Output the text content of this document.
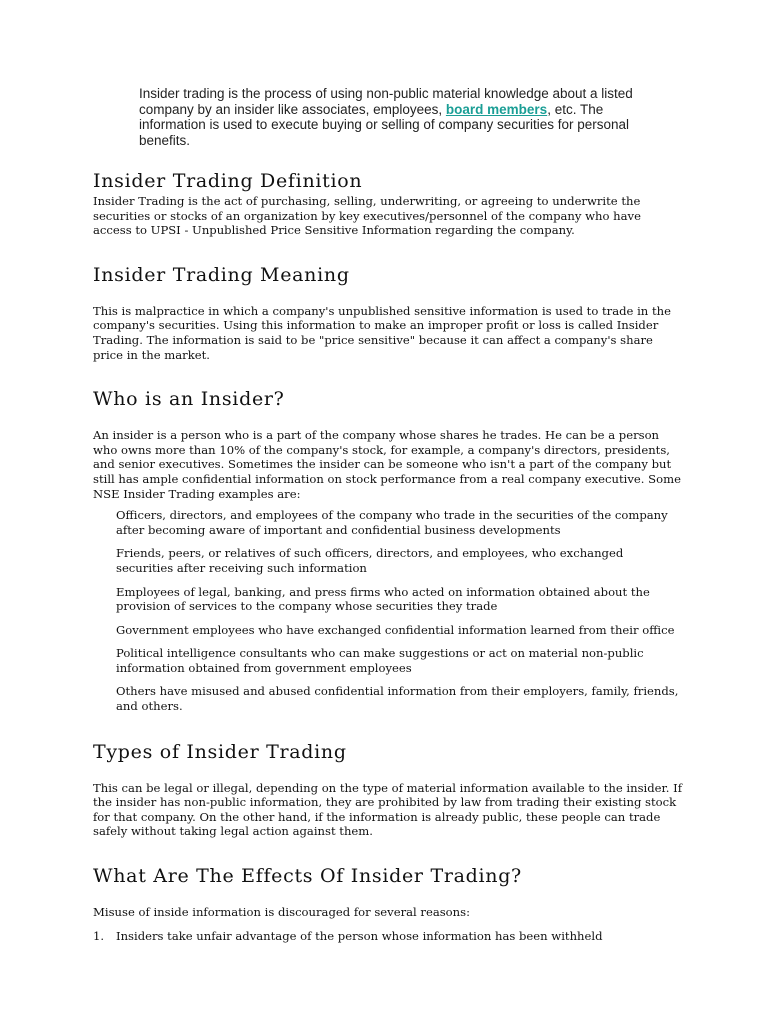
Insider trading is the process of using non-public material knowledge about a listed company by an insider like associates, employees, board members, etc. The information is used to execute buying or selling of company securities for personal benefits.
Insider Trading Definition

Insider Trading is the act of purchasing, selling, underwriting, or agreeing to underwrite the securities or stocks of an organization by key executives/personnel of the company who have access to UPSI - Unpublished Price Sensitive Information regarding the company.

Insider Trading Meaning

This is malpractice in which a company's unpublished sensitive information is used to trade in the company's securities. Using this information to make an improper profit or loss is called Insider Trading. The information is said to be "price sensitive" because it can affect a company's share price in the market.

Who is an Insider?

An insider is a person who is a part of the company whose shares he trades. He can be a person who owns more than 10% of the company's stock, for example, a company's directors, presidents, and senior executives. Sometimes the insider can be someone who isn't a part of the company but still has ample confidential information on stock performance from a real company executive. Some NSE Insider Trading examples are:

Officers, directors, and employees of the company who trade in the securities of the company after becoming aware of important and confidential business developments
Friends, peers, or relatives of such officers, directors, and employees, who exchanged securities after receiving such information
Employees of legal, banking, and press firms who acted on information obtained about the provision of services to the company whose securities they trade
Government employees who have exchanged confidential information learned from their office
Political intelligence consultants who can make suggestions or act on material non-public information obtained from government employees
Others have misused and abused confidential information from their employers, family, friends, and others.
Types of Insider Trading

This can be legal or illegal, depending on the type of material information available to the insider. If the insider has non-public information, they are prohibited by law from trading their existing stock for that company. On the other hand, if the information is already public, these people can trade safely without taking legal action against them.

What Are The Effects Of Insider Trading?

Misuse of inside information is discouraged for several reasons:

1. Insiders take unfair advantage of the person whose information has been withheld
